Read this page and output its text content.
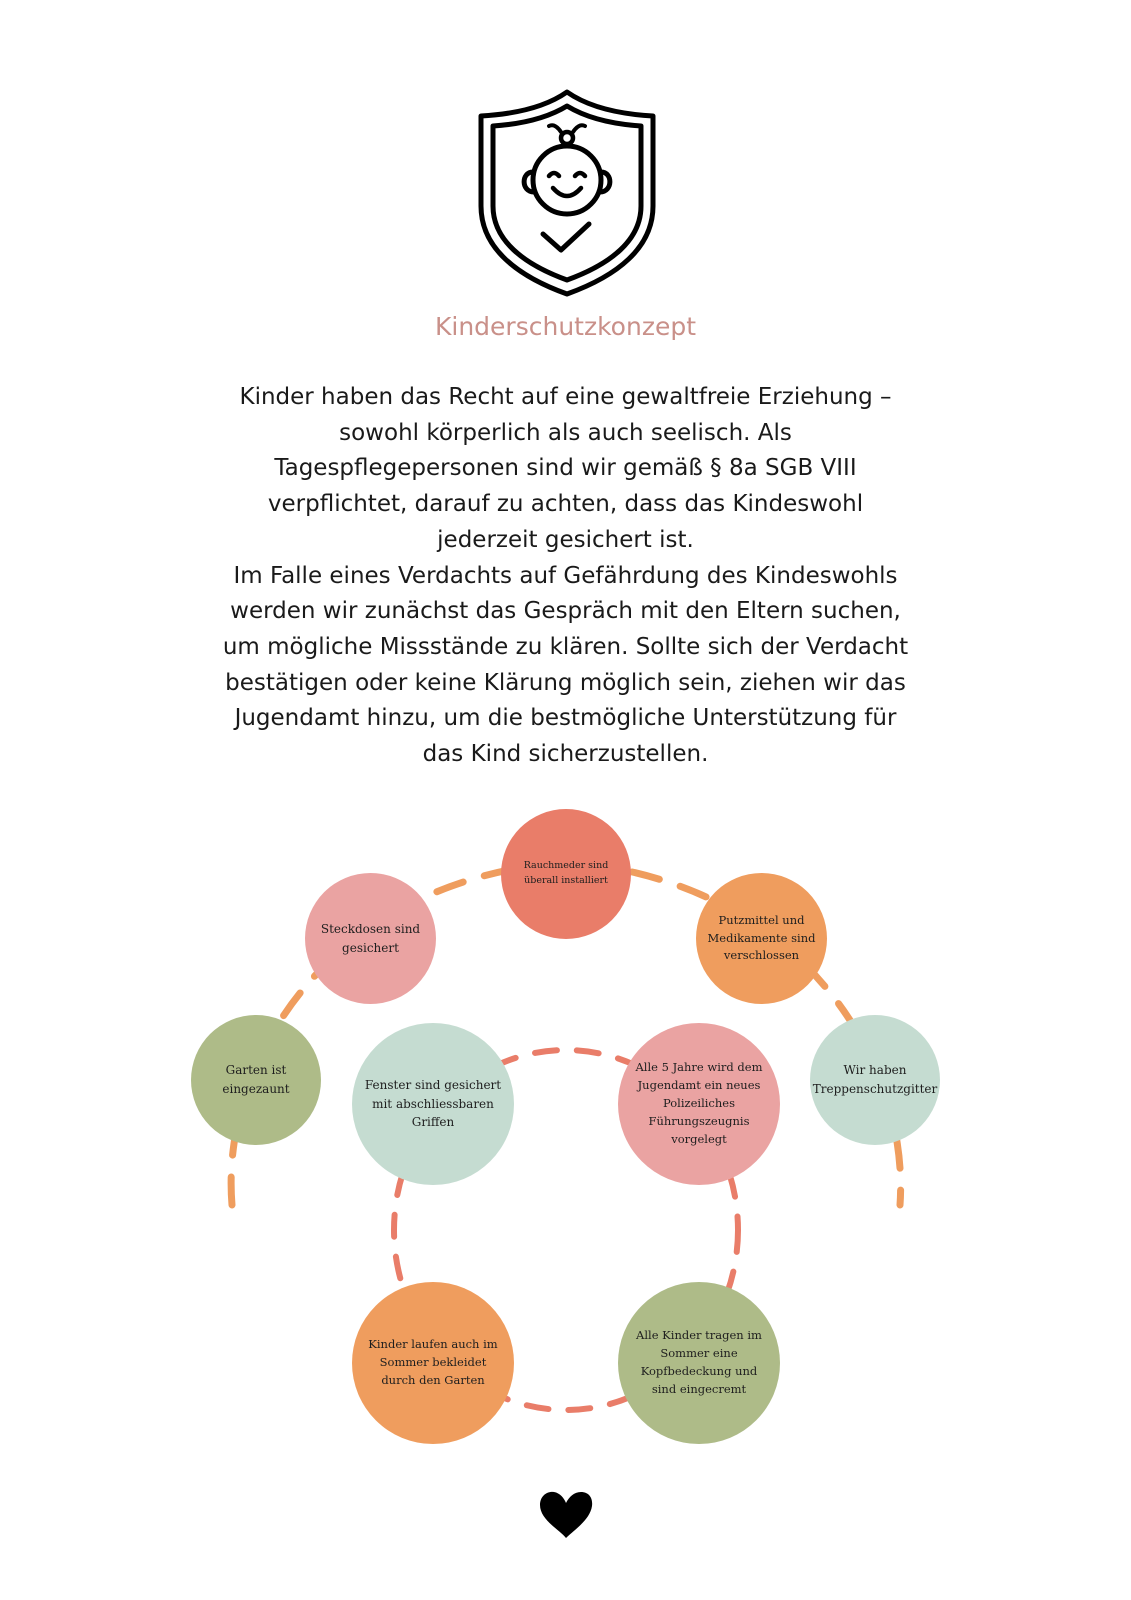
Kinderschutzkonzept

Kinder haben das Recht auf eine gewaltfreie Erziehung –
sowohl körperlich als auch seelisch. Als
Tagespflegepersonen sind wir gemäß § 8a SGB VIII
verpflichtet, darauf zu achten, dass das Kindeswohl
jederzeit gesichert ist.

Im Falle eines Verdachts auf Gefährdung des Kindeswohls
werden wir zunächst das Gespräch mit den Eltern suchen,
um mögliche Missstände zu klären. Sollte sich der Verdacht
bestätigen oder keine Klärung möglich sein, ziehen wir das
Jugendamt hinzu, um die bestmögliche Unterstützung für
das Kind sicherzustellen.

Rauchmeder sind überall installiert
Steckdosen sind gesichert
Putzmittel und Medikamente sind verschlossen
Garten ist eingezaunt	Fenster sind gesichert mit abschliessbaren Griffen
Alle 5 Jahre wird dem Jugendamt ein neues Polizeiliches Führungszeugnis vorgelegt
Wir haben Treppenschutzgitter
Kinder laufen auch im Sommer bekleidet durch den Garten
Alle Kinder tragen im Sommer eine Kopfbedeckung und sind eingecremt
